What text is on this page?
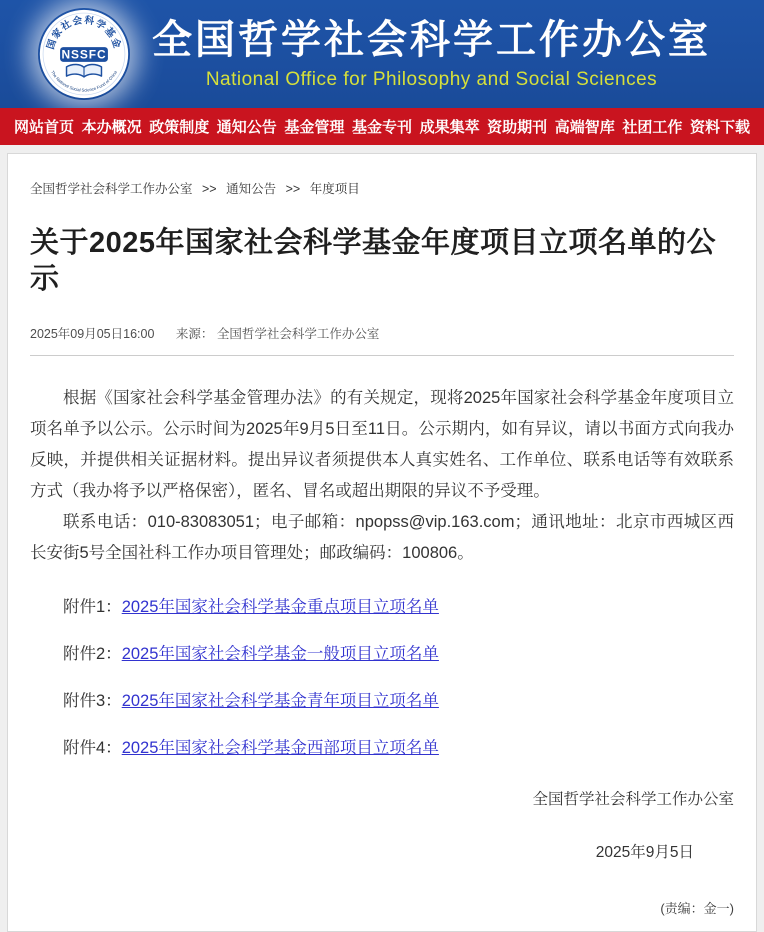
国家社会科学基金
NSSFC
The National Social Science Fund of China
全国哲学社会科学工作办公室
National Office for Philosophy and Social Sciences
网站首页 本办概况 政策制度 通知公告 基金管理 基金专刊 成果集萃 资助期刊 高端智库 社团工作 资料下载
全国哲学社会科学工作办公室 >> 通知公告 >> 年度项目
关于2025年国家社会科学基金年度项目立项名单的公示
2025年09月05日16:00 来源： 全国哲学社会科学工作办公室

根据《国家社会科学基金管理办法》的有关规定，现将2025年国家社会科学基金年度项目立项名单予以公示。公示时间为2025年9月5日至11日。公示期内，如有异议，请以书面方式向我办反映，并提供相关证据材料。提出异议者须提供本人真实姓名、工作单位、联系电话等有效联系方式（我办将予以严格保密），匿名、冒名或超出期限的异议不予受理。

联系电话：010-83083051；电子邮箱：npopss@vip.163.com；通讯地址：北京市西城区西长安街5号全国社科工作办项目管理处；邮政编码：100806。

附件1：2025年国家社会科学基金重点项目立项名单

附件2：2025年国家社会科学基金一般项目立项名单

附件3：2025年国家社会科学基金青年项目立项名单

附件4：2025年国家社会科学基金西部项目立项名单

全国哲学社会科学工作办公室
2025年9月5日
(责编：金一)
